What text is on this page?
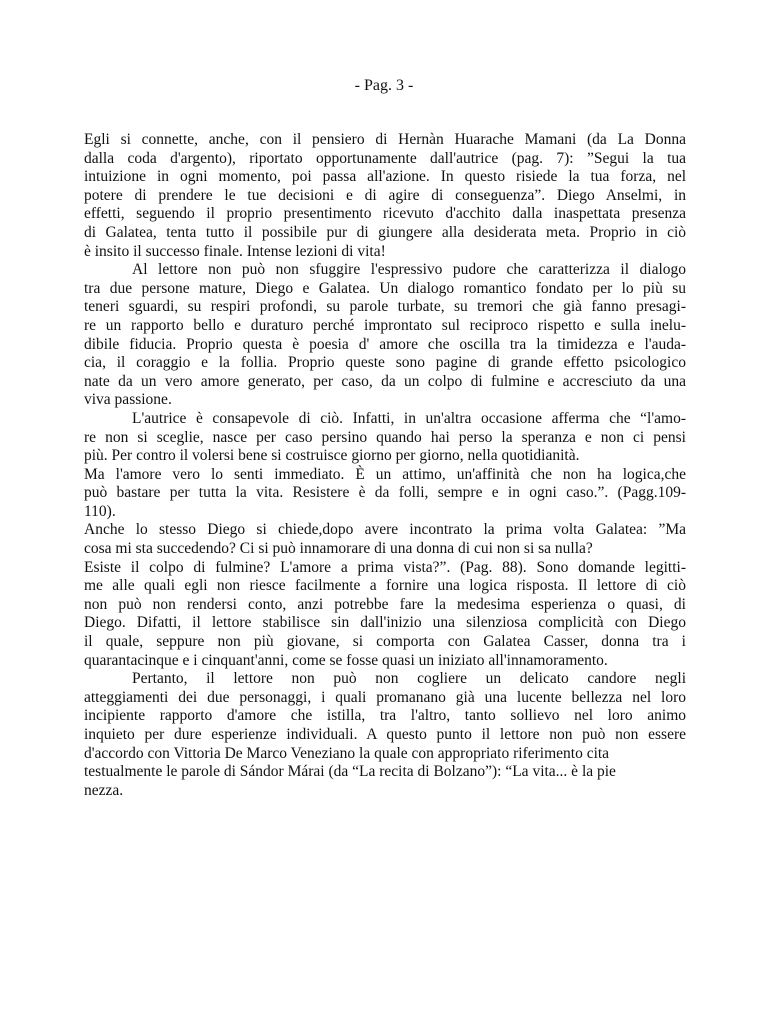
- Pag. 3 -
Egli si connette, anche, con il pensiero di Hernàn Huarache Mamani (da La Donna
dalla coda d'argento), riportato opportunamente dall'autrice (pag. 7): ”Segui la tua
intuizione in ogni momento, poi passa all'azione. In questo risiede la tua forza, nel
potere di prendere le tue decisioni e di agire di conseguenza”. Diego Anselmi, in
effetti, seguendo il proprio presentimento ricevuto d'acchito dalla inaspettata presenza
di Galatea, tenta tutto il possibile pur di giungere alla desiderata meta. Proprio in ciò
è insito il successo finale. Intense lezioni di vita!
Al lettore non può non sfuggire l'espressivo pudore che caratterizza il dialogo
tra due persone mature, Diego e Galatea. Un dialogo romantico fondato per lo più su
teneri sguardi, su respiri profondi, su parole turbate, su tremori che già fanno presagi-
re un rapporto bello e duraturo perché improntato sul reciproco rispetto e sulla inelu-
dibile fiducia. Proprio questa è poesia d' amore che oscilla tra la timidezza e l'auda-
cia, il coraggio e la follia. Proprio queste sono pagine di grande effetto psicologico
nate da un vero amore generato, per caso, da un colpo di fulmine e accresciuto da una
viva passione.
L'autrice è consapevole di ciò. Infatti, in un'altra occasione afferma che “l'amo-
re non si sceglie, nasce per caso persino quando hai perso la speranza e non ci pensi
più. Per contro il volersi bene si costruisce giorno per giorno, nella quotidianità.
Ma l'amore vero lo senti immediato. È un attimo, un'affinità che non ha logica,che
può bastare per tutta la vita. Resistere è da folli, sempre e in ogni caso.”. (Pagg.109-
110).
Anche lo stesso Diego si chiede,dopo avere incontrato la prima volta Galatea: ”Ma
cosa mi sta succedendo? Ci si può innamorare di una donna di cui non si sa nulla?
Esiste il colpo di fulmine? L'amore a prima vista?”. (Pag. 88). Sono domande legitti-
me alle quali egli non riesce facilmente a fornire una logica risposta. Il lettore di ciò
non può non rendersi conto, anzi potrebbe fare la medesima esperienza o quasi, di
Diego. Difatti, il lettore stabilisce sin dall'inizio una silenziosa complicità con Diego
il quale, seppure non più giovane, si comporta con Galatea Casser, donna tra i
quarantacinque e i cinquant'anni, come se fosse quasi un iniziato all'innamoramento.
Pertanto, il lettore non può non cogliere un delicato candore negli
atteggiamenti dei due personaggi, i quali promanano già una lucente bellezza nel loro
incipiente rapporto d'amore che istilla, tra l'altro, tanto sollievo nel loro animo
inquieto per dure esperienze individuali. A questo punto il lettore non può non essere
d'accordo con Vittoria De Marco Veneziano la quale con appropriato riferimento cita
testualmente le parole di Sándor Márai (da “La recita di Bolzano”): “La vita... è la pie
nezza.
